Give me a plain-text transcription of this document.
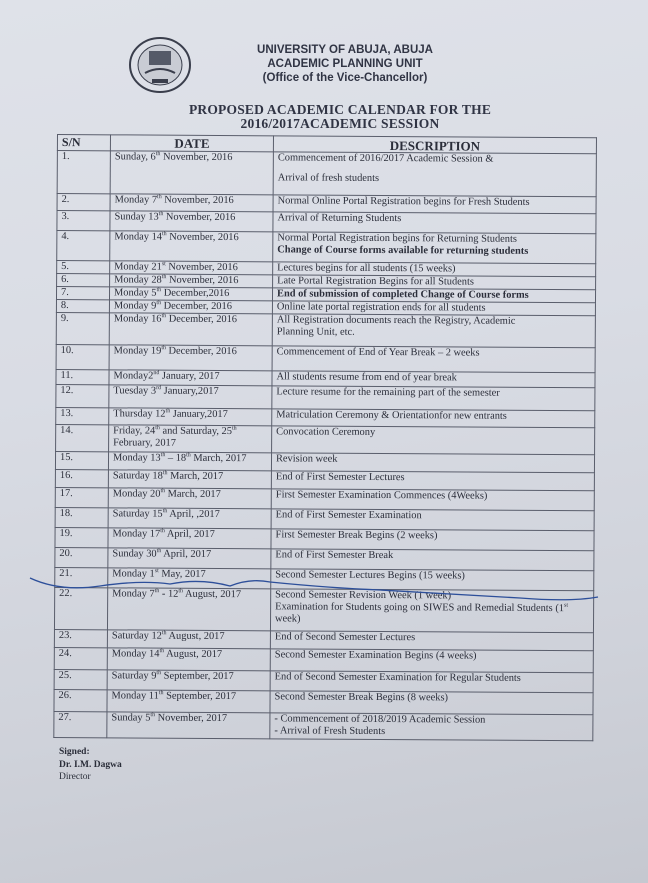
UNIVERSITY OF ABUJA, ABUJA
ACADEMIC PLANNING UNIT
(Office of the Vice-Chancellor)
PROPOSED ACADEMIC CALENDAR FOR THE
2016/2017ACADEMIC SESSION
S/N	DATE	DESCRIPTION
1.	Sunday, 6th November, 2016	Commencement of 2016/2017 Academic Session &
Arrival of fresh students

2.	Monday 7th November, 2016	Normal Online Portal Registration begins for Fresh Students

3.	Sunday 13th November, 2016	Arrival of Returning Students

4.	Monday 14th November, 2016	Normal Portal Registration begins for Returning Students
Change of Course forms available for returning students

5.	Monday 21st November, 2016	Lectures begins for all students (15 weeks)

6.	Monday 28th November, 2016	Late Portal Registration Begins for all Students

7.	Monday 5th December,2016	End of submission of completed Change of Course forms

8.	Monday 9th December, 2016	Online late portal registration ends for all students

9.	Monday 16th December, 2016	All Registration documents reach the Registry, Academic
Planning Unit, etc.

10.	Monday 19th December, 2016	Commencement of End of Year Break – 2 weeks

11.	Monday2nd January, 2017	All students resume from end of year break

12.	Tuesday 3rd January,2017	Lecture resume for the remaining part of the semester

13.	Thursday 12th January,2017	Matriculation Ceremony & Orientationfor new entrants

14.	Friday, 24th and Saturday, 25th February, 2017	Convocation Ceremony

15.	Monday 13th – 18th March, 2017	Revision week

16.	Saturday 18th March, 2017	End of First Semester Lectures

17.	Monday 20th March, 2017	First Semester Examination Commences (4Weeks)

18.	Saturday 15th April, ,2017	End of First Semester Examination

19.	Monday 17th April, 2017	First Semester Break Begins (2 weeks)

20.	Sunday 30th April, 2017	End of First Semester Break

21.	Monday 1st May, 2017	Second Semester Lectures Begins (15 weeks)

22.	Monday 7th - 12th August, 2017	Second Semester Revision Week (1 week)
Examination for Students going on SIWES and Remedial Students (1st week)

23.	Saturday 12th August, 2017	End of Second Semester Lectures

24.	Monday 14th August, 2017	Second Semester Examination Begins (4 weeks)

25.	Saturday 9th September, 2017	End of Second Semester Examination for Regular Students

26.	Monday 11th September, 2017	Second Semester Break Begins (8 weeks)

27.	Sunday 5th November, 2017	- Commencement of 2018/2019 Academic Session
- Arrival of Fresh Students
Signed:
Dr. I.M. Dagwa
Director
